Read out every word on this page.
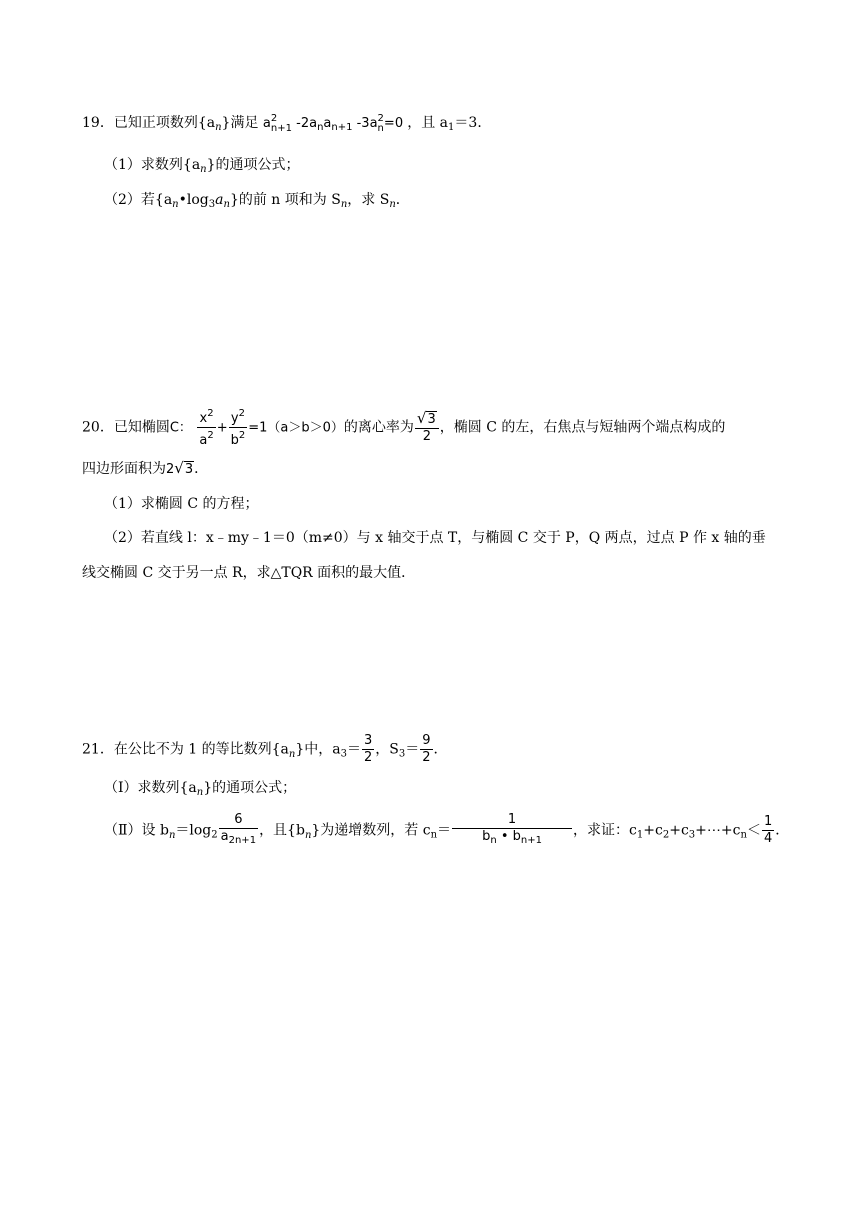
19．已知正项数列$\{a_n\}$满足 a 2
n+1 $-2a_na_{n+1}$ -3a 2
n =0 ，且 $a_1=3$．
（1）求数列$\{a_n\}$的通项公式；
（2）若$\{a_n•\log_3a_n\}$的前 n 项和为 $S_n$，求 $S_n$．
20．已知椭圆C： $\frac{x^2}{a^2} + \frac{y^2}{b^2} =1(a>b>0)$的离心率为 $\frac{√3}{2}$ ，椭圆 C 的左，右焦点与短轴两个端点构成的
四边形面积为2√3．
（1）求椭圆 C 的方程；
（2）若直线 l：x﹣my﹣1＝0（m≠0）与 x 轴交于点 T，与椭圆 C 交于 P，Q 两点，过点 P 作 x 轴的垂
线交椭圆 C 交于另一点 R，求△TQR 面积的最大值．
21．在公比不为 1 的等比数列$\{a_n\}$中，$a_3= \frac{3}{2}$ ，$S_3= \frac{9}{2}$ ．
（Ⅰ）求数列$\{a_n\}$的通项公式；
（Ⅱ）设 $b_n=\log_2 \frac{6}{a_{2n+1}}$ ，且$\{b_n\}$为递增数列，若 $c_n= \frac{1}{b_n • b_{n+1}}$ ，求证：$c_1+c_2+c_3+\cdots+c_n< \frac{1}{4}$ ．
